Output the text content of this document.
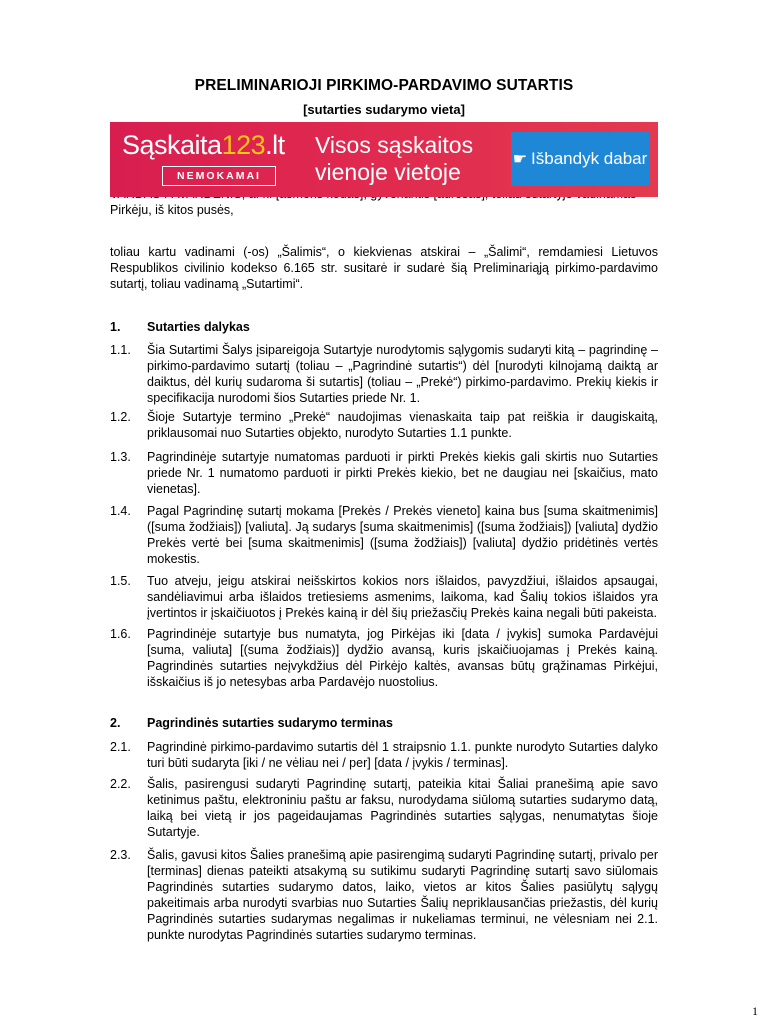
PRELIMINARIOJI PIRKIMO-PARDAVIMO SUTARTIS
[sutarties sudarymo vieta]
Pirkėju, iš kitos pusės,
Sąskaita123.lt
NEMOKAMAI
Visos sąskaitos vienoje vietoje	☛ Išbandyk dabar

toliau kartu vadinami (-os) „Šalimis“, o kiekvienas atskirai – „Šalimi“, remdamiesi Lietuvos Respublikos civilinio kodekso 6.165 str. susitarė ir sudarė šią Preliminariąją pirkimo-pardavimo sutartį, toliau vadinamą „Sutartimi“.

1. Sutarties dalykas
1.1. Šia Sutartimi Šalys įsipareigoja Sutartyje nurodytomis sąlygomis sudaryti kitą – pagrindinę – pirkimo-pardavimo sutartį (toliau – „Pagrindinė sutartis“) dėl [nurodyti kilnojamą daiktą ar daiktus, dėl kurių sudaroma ši sutartis] (toliau – „Prekė“) pirkimo-pardavimo. Prekių kiekis ir specifikacija nurodomi šios Sutarties priede Nr. 1.
1.2. Šioje Sutartyje termino „Prekė“ naudojimas vienaskaita taip pat reiškia ir daugiskaitą, priklausomai nuo Sutarties objekto, nurodyto Sutarties 1.1 punkte.
1.3. Pagrindinėje sutartyje numatomas parduoti ir pirkti Prekės kiekis gali skirtis nuo Sutarties priede Nr. 1 numatomo parduoti ir pirkti Prekės kiekio, bet ne daugiau nei [skaičius, mato vienetas].
1.4. Pagal Pagrindinę sutartį mokama [Prekės / Prekės vieneto] kaina bus [suma skaitmenimis] ([suma žodžiais]) [valiuta]. Ją sudarys [suma skaitmenimis] ([suma žodžiais]) [valiuta] dydžio Prekės vertė bei [suma skaitmenimis] ([suma žodžiais]) [valiuta] dydžio pridėtinės vertės mokestis.
1.5. Tuo atveju, jeigu atskirai neišskirtos kokios nors išlaidos, pavyzdžiui, išlaidos apsaugai, sandėliavimui arba išlaidos tretiesiems asmenims, laikoma, kad Šalių tokios išlaidos yra įvertintos ir įskaičiuotos į Prekės kainą ir dėl šių priežasčių Prekės kaina negali būti pakeista.
1.6. Pagrindinėje sutartyje bus numatyta, jog Pirkėjas iki [data / įvykis] sumoka Pardavėjui [suma, valiuta] [(suma žodžiais)] dydžio avansą, kuris įskaičiuojamas į Prekės kainą. Pagrindinės sutarties neįvykdžius dėl Pirkėjo kaltės, avansas būtų grąžinamas Pirkėjui, išskaičius iš jo netesybas arba Pardavėjo nuostolius.
2. Pagrindinės sutarties sudarymo terminas
2.1. Pagrindinė pirkimo-pardavimo sutartis dėl 1 straipsnio 1.1. punkte nurodyto Sutarties dalyko turi būti sudaryta [iki / ne vėliau nei / per] [data / įvykis / terminas].
2.2. Šalis, pasirengusi sudaryti Pagrindinę sutartį, pateikia kitai Šaliai pranešimą apie savo ketinimus paštu, elektroniniu paštu ar faksu, nurodydama siūlomą sutarties sudarymo datą, laiką bei vietą ir jos pageidaujamas Pagrindinės sutarties sąlygas, nenumatytas šioje Sutartyje.
2.3. Šalis, gavusi kitos Šalies pranešimą apie pasirengimą sudaryti Pagrindinę sutartį, privalo per [terminas] dienas pateikti atsakymą su sutikimu sudaryti Pagrindinę sutartį savo siūlomais Pagrindinės sutarties sudarymo datos, laiko, vietos ar kitos Šalies pasiūlytų sąlygų pakeitimais arba nurodyti svarbias nuo Sutarties Šalių nepriklausančias priežastis, dėl kurių Pagrindinės sutarties sudarymas negalimas ir nukeliamas terminui, ne vėlesniam nei 2.1. punkte nurodytas Pagrindinės sutarties sudarymo terminas.
1
